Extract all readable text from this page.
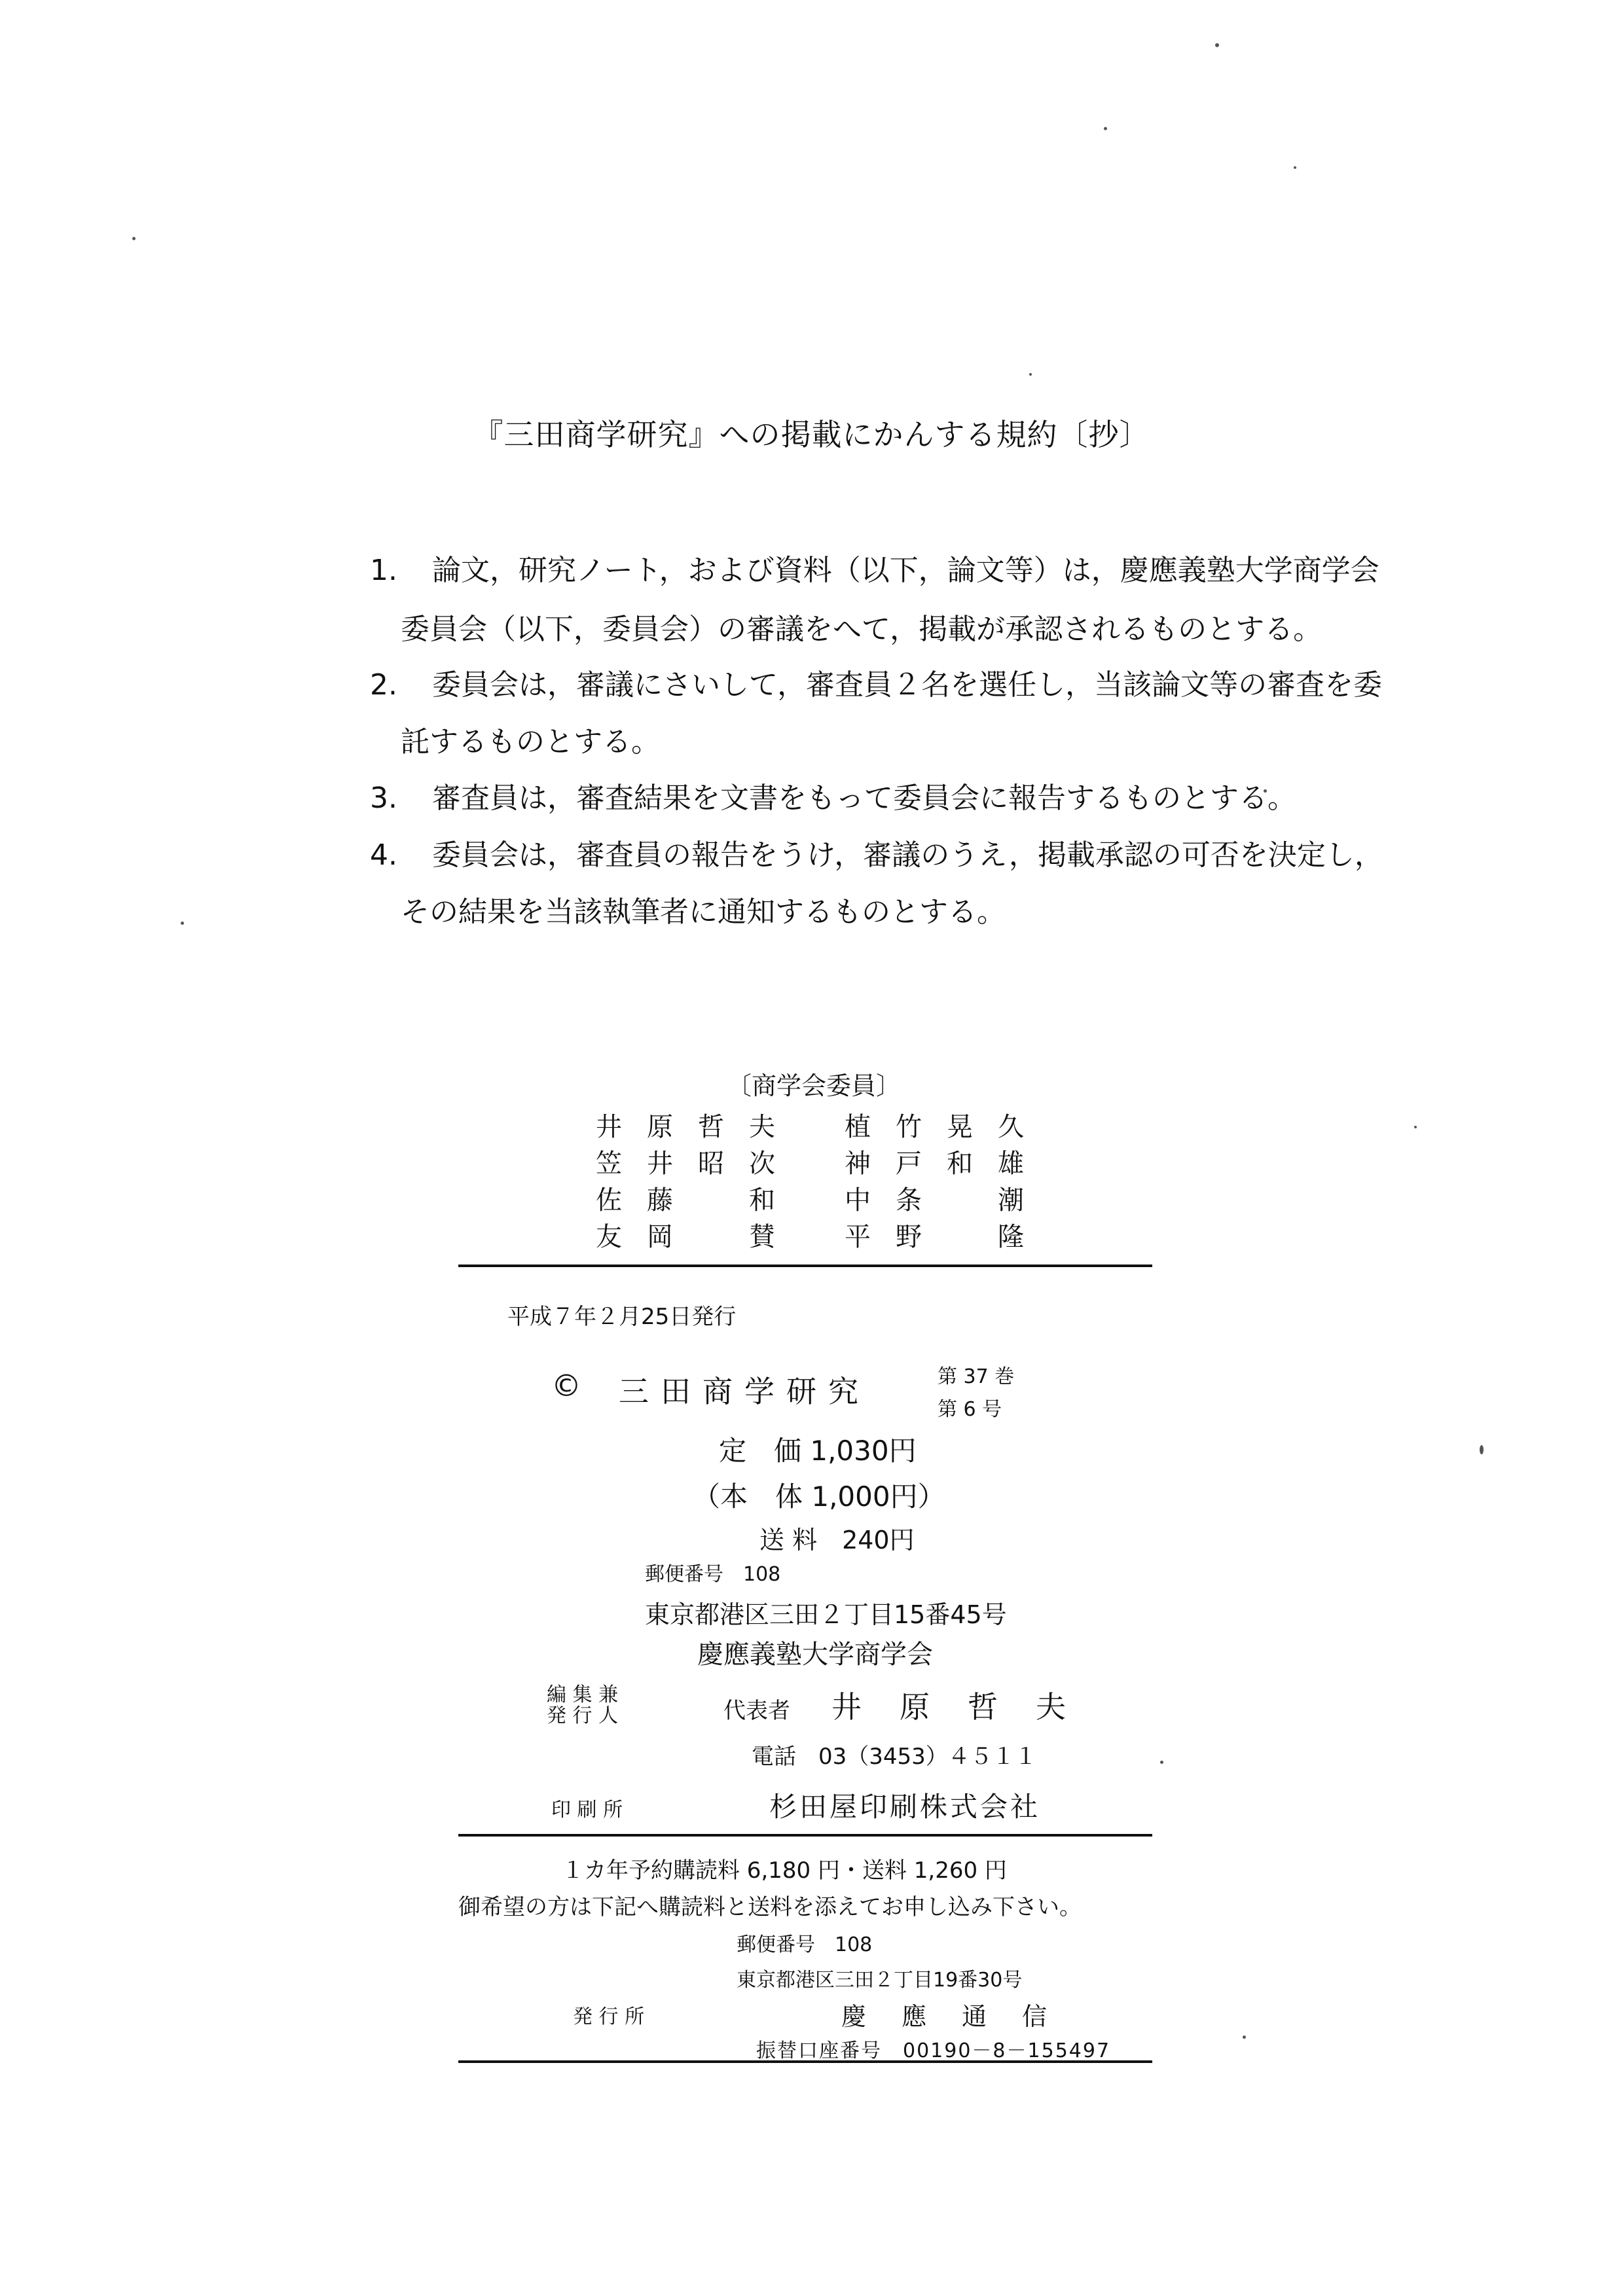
『三田商学研究』への掲載にかんする規約〔抄〕
1. 論文，研究ノート，および資料（以下，論文等）は，慶應義塾大学商学会
委員会（以下，委員会）の審議をへて，掲載が承認されるものとする。
2. 委員会は，審議にさいして，審査員２名を選任し，当該論文等の審査を委
託するものとする。
3. 審査員は，審査結果を文書をもって委員会に報告するものとする。
4. 委員会は，審査員の報告をうけ，審議のうえ，掲載承認の可否を決定し，
その結果を当該執筆者に通知するものとする。
〔商学会委員〕
井原哲夫 植竹晃久
笠井昭次 神戸和雄
佐藤　和 中条　潮
友岡　賛 平野　隆
平成７年２月25日発行
© 三田商学研究	第 37 巻
第 6 号
定　価 1,030円
（本　体 1,000円）
送 料　240円
郵便番号　108
東京都港区三田２丁目15番45号
慶應義塾大学商学会
編 集 兼
発 行 人	代表者 井　原　哲　夫
電話　03（3453）４５１１
印 刷 所	杉田屋印刷株式会社
１カ年予約購読料 6,180 円・送料 1,260 円
御希望の方は下記へ購読料と送料を添えてお申し込み下さい。
郵便番号　108
東京都港区三田２丁目19番30号
発 行 所	慶　應　通　信
振替口座番号　00190－8－155497
